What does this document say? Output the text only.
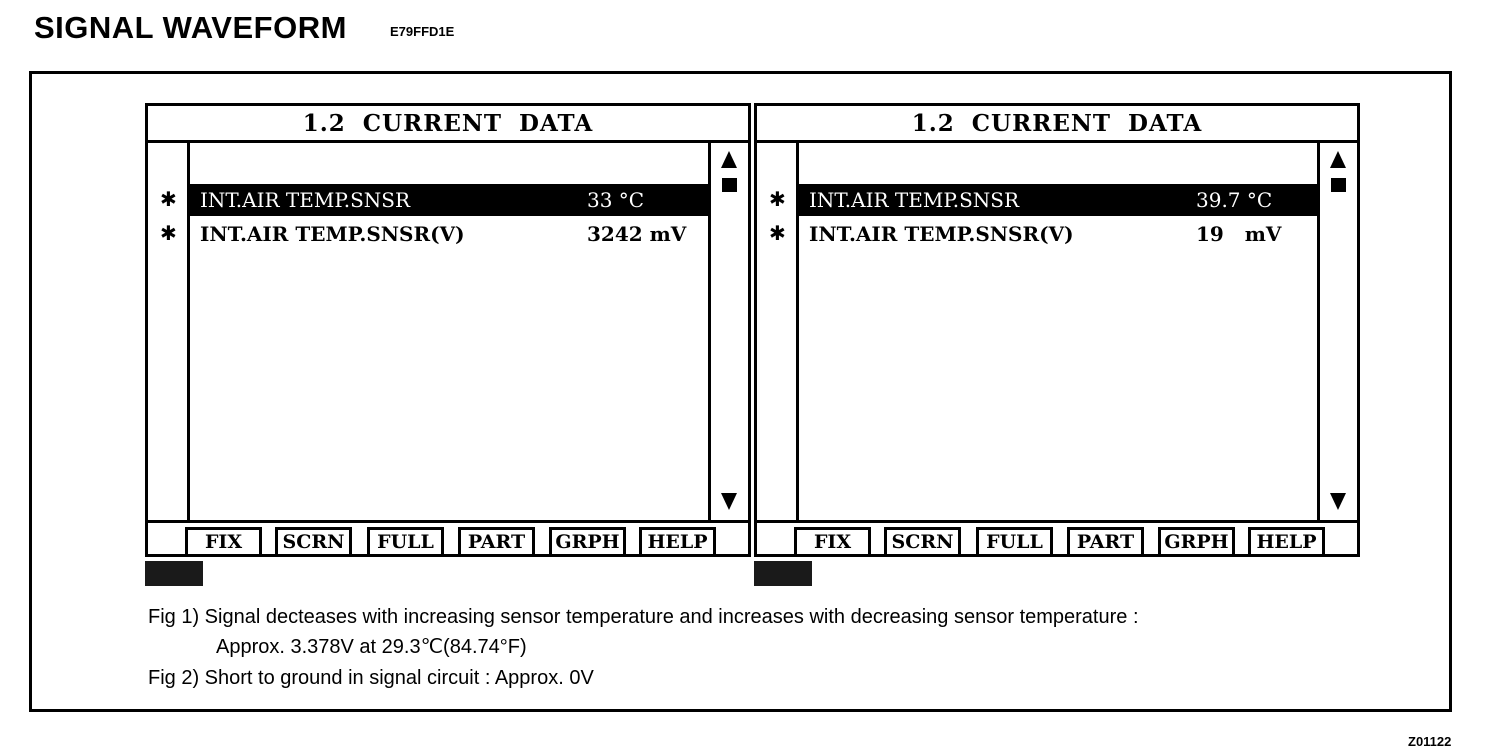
SIGNAL WAVEFORM	E79FFD1E
1.2 CURRENT DATA
✱
✱
INT.AIR TEMP.SNSR	33 °C
INT.AIR TEMP.SNSR(V)	3242 mV
FIX	SCRN	FULL	PART	GRPH	HELP
1.2 CURRENT DATA
✱
✱
INT.AIR TEMP.SNSR	39.7 °C
INT.AIR TEMP.SNSR(V)	19   mV
FIX	SCRN	FULL	PART	GRPH	HELP
Fig 1) Signal decteases with increasing sensor temperature and increases with decreasing sensor temperature :
Approx. 3.378V at 29.3℃(84.74°F)
Fig 2) Short to ground in signal circuit : Approx. 0V
Z01122
